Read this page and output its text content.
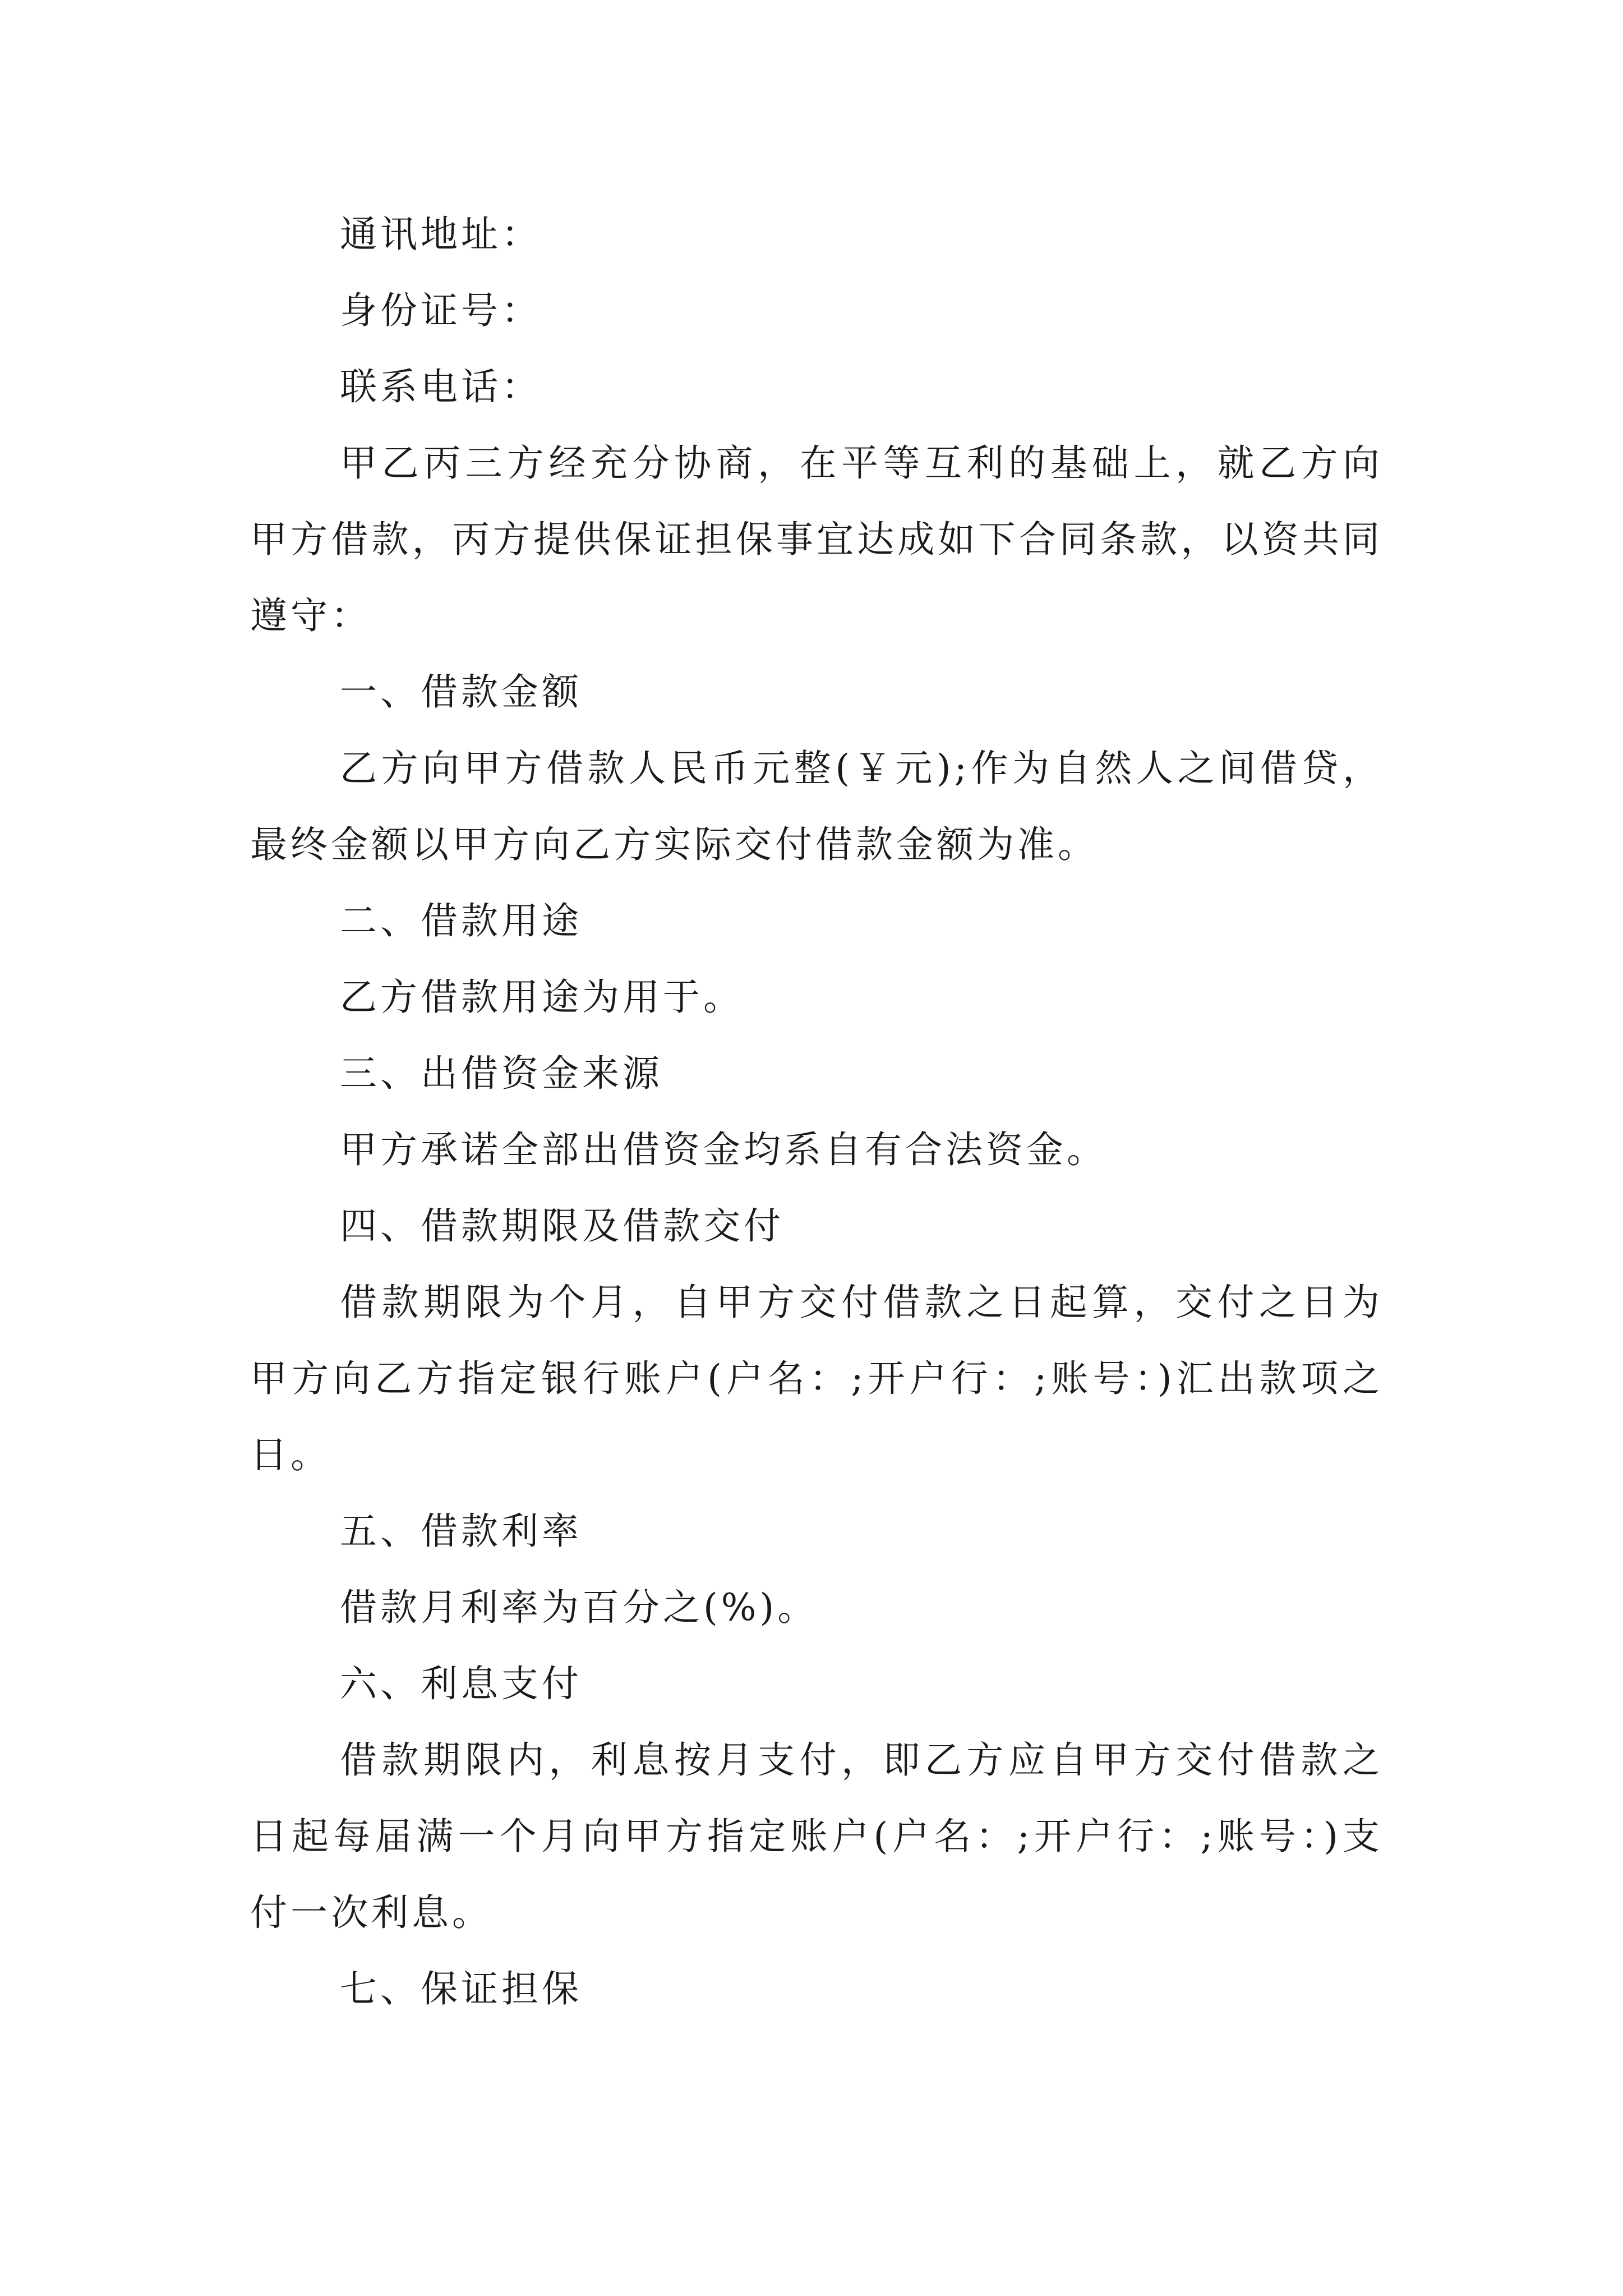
通讯地址：

身份证号：

联系电话：

甲乙丙三方经充分协商，在平等互利的基础上，就乙方向甲方借款，丙方提供保证担保事宜达成如下合同条款，以资共同遵守：

一、借款金额

乙方向甲方借款人民币元整(￥元);作为自然人之间借贷，最终金额以甲方向乙方实际交付借款金额为准。

二、借款用途

乙方借款用途为用于。

三、出借资金来源

甲方承诺全部出借资金均系自有合法资金。

四、借款期限及借款交付

借款期限为个月，自甲方交付借款之日起算，交付之日为甲方向乙方指定银行账户(户名：;开户行：;账号：)汇出款项之日。

五、借款利率

借款月利率为百分之(%)。

六、利息支付

借款期限内，利息按月支付，即乙方应自甲方交付借款之日起每届满一个月向甲方指定账户(户名：;开户行：;账号：)支付一次利息。

七、保证担保
